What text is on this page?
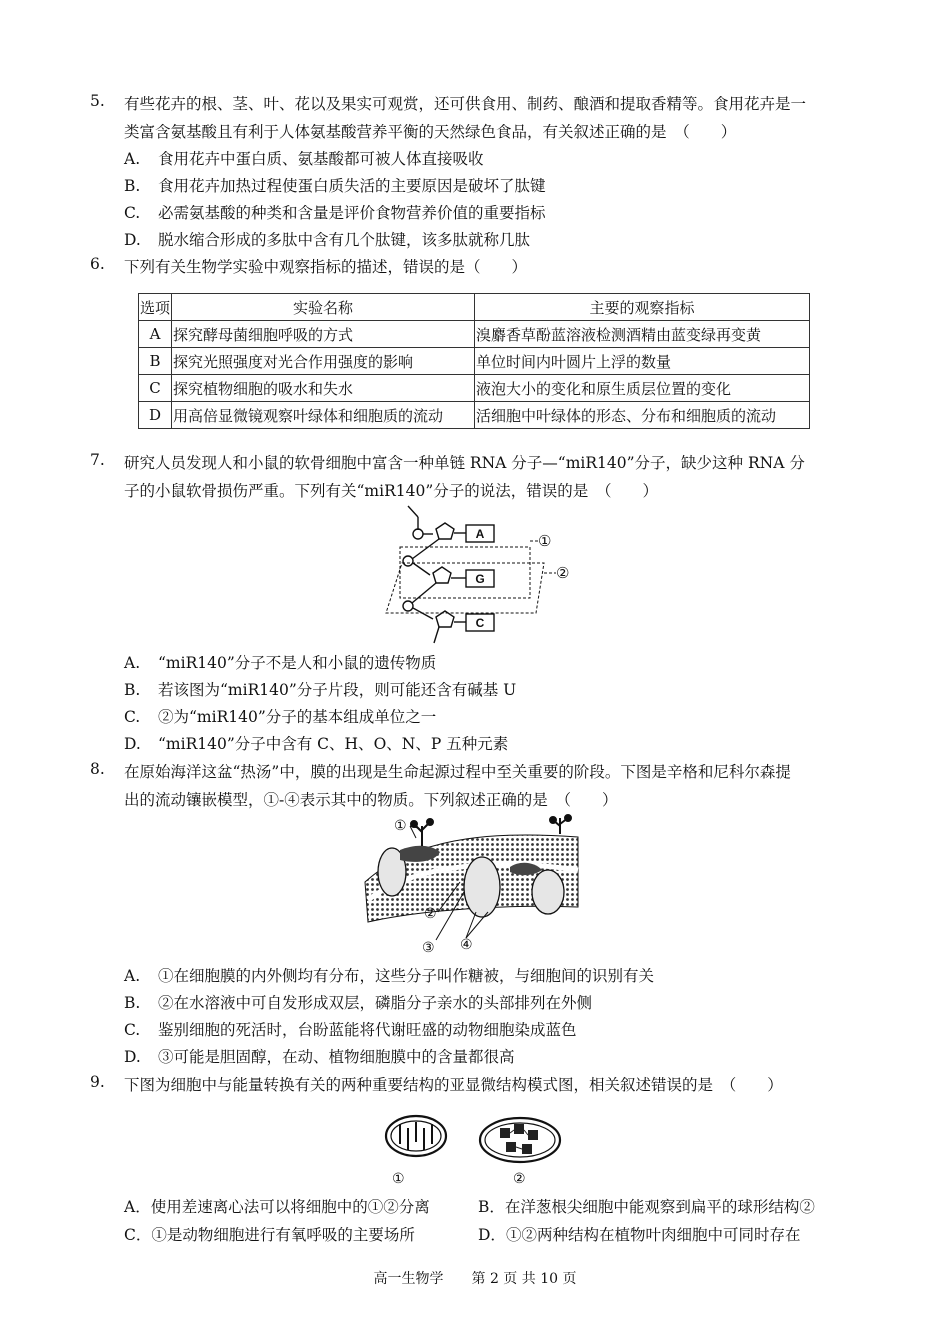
5. 有些花卉的根、茎、叶、花以及果实可观赏，还可供食用、制药、酿酒和提取香精等。食用花卉是一
类富含氨基酸且有利于人体氨基酸营养平衡的天然绿色食品，有关叙述正确的是　（　　）
A. 食用花卉中蛋白质、氨基酸都可被人体直接吸收
B. 食用花卉加热过程使蛋白质失活的主要原因是破坏了肽键
C. 必需氨基酸的种类和含量是评价食物营养价值的重要指标
D. 脱水缩合形成的多肽中含有几个肽键，该多肽就称几肽
6. 下列有关生物学实验中观察指标的描述，错误的是（　　）
选项	实验名称	主要的观察指标
A	探究酵母菌细胞呼吸的方式	溴麝香草酚蓝溶液检测酒精由蓝变绿再变黄
B	探究光照强度对光合作用强度的影响	单位时间内叶圆片上浮的数量
C	探究植物细胞的吸水和失水	液泡大小的变化和原生质层位置的变化
D	用高倍显微镜观察叶绿体和细胞质的流动	活细胞中叶绿体的形态、分布和细胞质的流动
7. 研究人员发现人和小鼠的软骨细胞中富含一种单链 RNA 分子—“miR140”分子，缺少这种 RNA 分
子的小鼠软骨损伤严重。下列有关“miR140”分子的说法，错误的是　（　　）
A
G
C
①
②
A. “miR140”分子不是人和小鼠的遗传物质
B. 若该图为“miR140”分子片段，则可能还含有碱基 U
C. ②为“miR140”分子的基本组成单位之一
D. “miR140”分子中含有 C、H、O、N、P 五种元素
8. 在原始海洋这盆“热汤”中，膜的出现是生命起源过程中至关重要的阶段。下图是辛格和尼科尔森提
出的流动镶嵌模型，①-④表示其中的物质。下列叙述正确的是　（　　）
①
②
③ ④
A. ①在细胞膜的内外侧均有分布，这些分子叫作糖被，与细胞间的识别有关
B. ②在水溶液中可自发形成双层，磷脂分子亲水的头部排列在外侧
C. 鉴别细胞的死活时，台盼蓝能将代谢旺盛的动物细胞染成蓝色
D. ③可能是胆固醇，在动、植物细胞膜中的含量都很高
9. 下图为细胞中与能量转换有关的两种重要结构的亚显微结构模式图，相关叙述错误的是　（　　）
①	②
A．使用差速离心法可以将细胞中的①②分离	B．在洋葱根尖细胞中能观察到扁平的球形结构②
C．①是动物细胞进行有氧呼吸的主要场所	D．①②两种结构在植物叶肉细胞中可同时存在
高一生物学　　第 2 页 共 10 页
